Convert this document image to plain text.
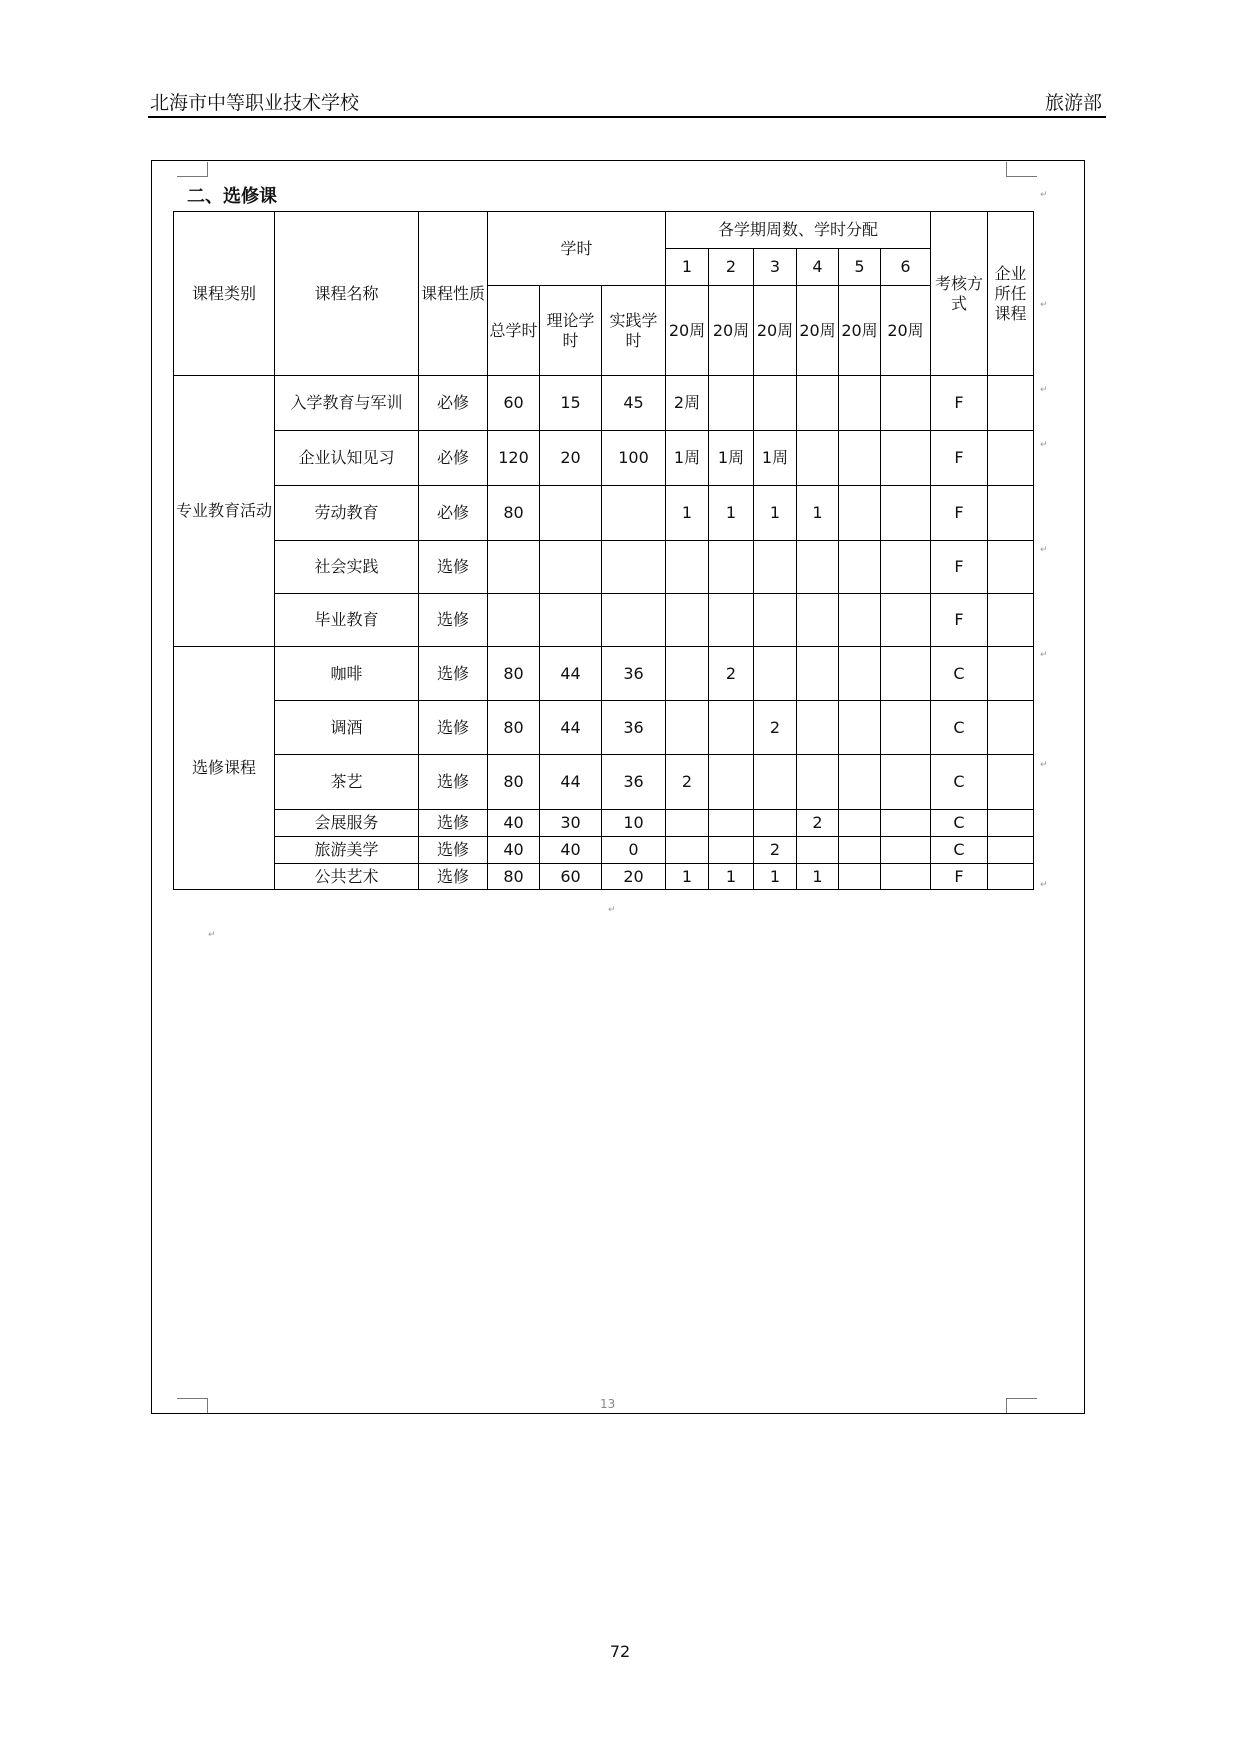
北海市中等职业技术学校	旅游部
二、选修课
课程类别	课程名称	课程性质	学时			各学期周数、学时分配						考核方式	企业所任课程
						1	2	3	4	5	6		
			总学时	理论学时	实践学时	20周	20周	20周	20周	20周	20周		
专业教育活动	入学教育与军训	必修	60	15	45	2周						F	
	企业认知见习	必修	120	20	100	1周	1周	1周				F	
	劳动教育	必修	80			1	1	1	1			F	
	社会实践	选修										F	
	毕业教育	选修										F	
选修课程	咖啡	选修	80	44	36		2					C	
	调酒	选修	80	44	36			2				C	
	茶艺	选修	80	44	36	2						C	
	会展服务	选修	40	30	10				2			C	
	旅游美学	选修	40	40	0			2				C	
	公共艺术	选修	80	60	20	1	1	1	1			F	
13
72
↵
↵
↵
↵
↵
↵
↵
↵
↵
↵
